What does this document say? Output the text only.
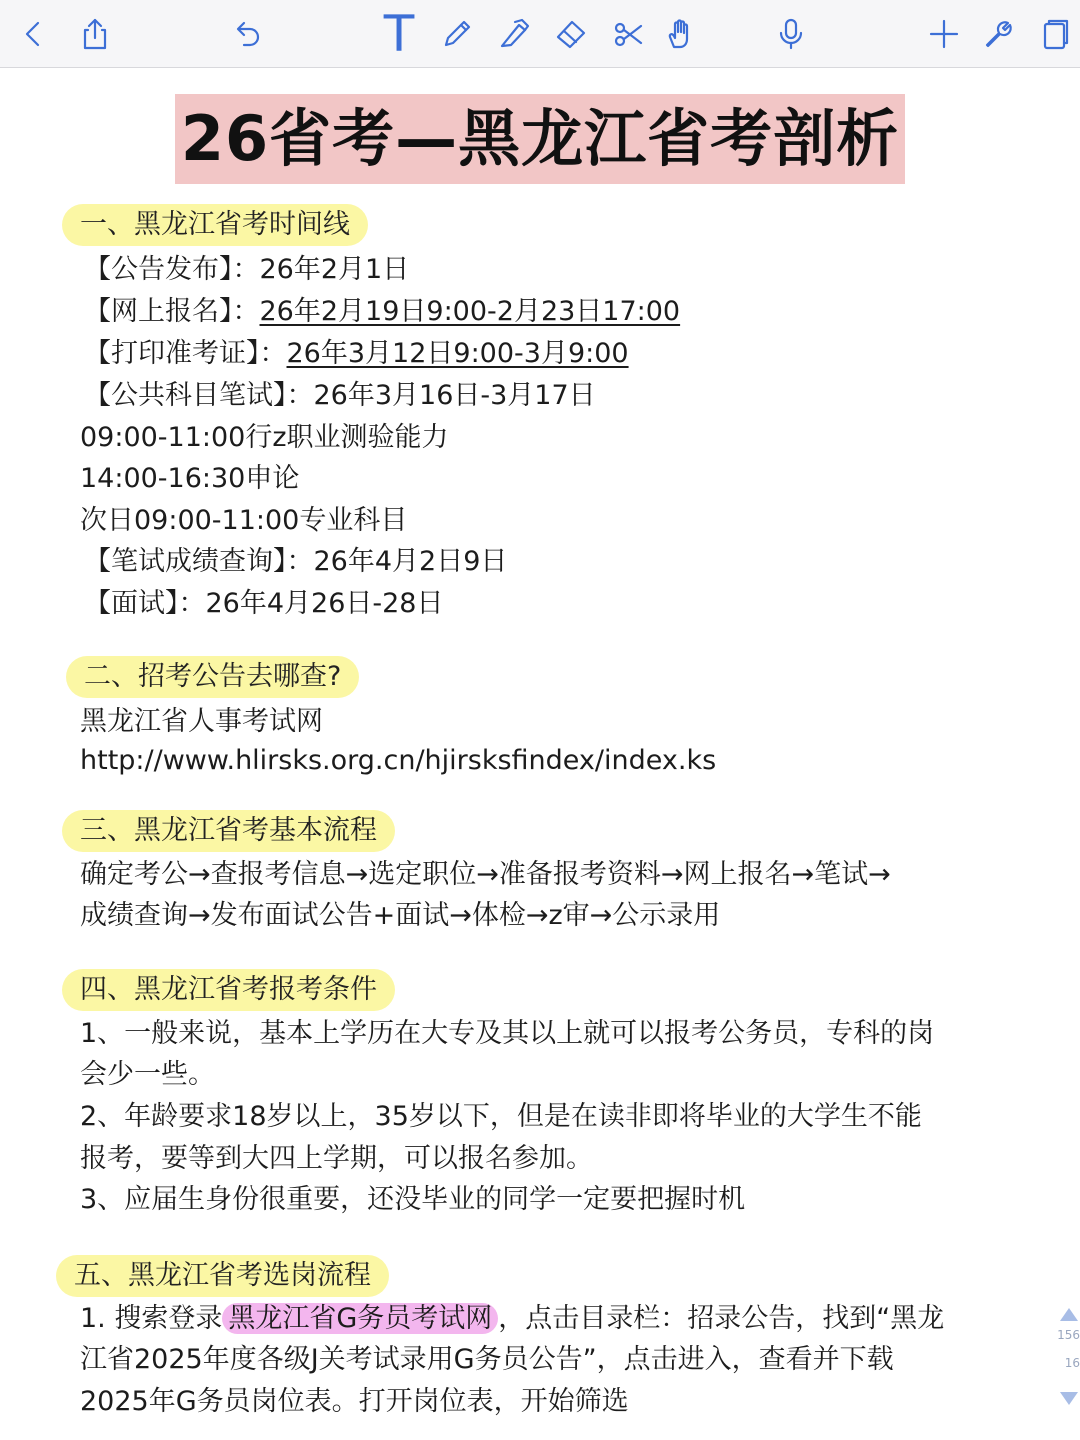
T
26省考—黑龙江省考剖析
一、黑龙江省考时间线
【公告发布】：26年2月1日
【网上报名】：26年2月19日9:00-2月23日17:00
【打印准考证】：26年3月12日9:00-3月9:00
【公共科目笔试】：26年3月16日-3月17日
09:00-11:00行z职业测验能力
14:00-16:30申论
次日09:00-11:00专业科目
【笔试成绩查询】：26年4月2日9日
【面试】：26年4月26日-28日
二、招考公告去哪查?
黑龙江省人事考试网
http://www.hlirsks.org.cn/hjirsksfindex/index.ks
三、黑龙江省考基本流程
确定考公→查报考信息→选定职位→准备报考资料→网上报名→笔试→
成绩查询→发布面试公告+面试→体检→z审→公示录用
四、黑龙江省考报考条件
1、一般来说，基本上学历在大专及其以上就可以报考公务员，专科的岗
会少一些。
2、年龄要求18岁以上，35岁以下，但是在读非即将毕业的大学生不能
报考，要等到大四上学期，可以报名参加。
3、应届生身份很重要，还没毕业的同学一定要把握时机
五、黑龙江省考选岗流程
1. 搜索登录 黑龙江省G务员考试网 ，点击目录栏：招录公告，找到“黑龙
江省2025年度各级J关考试录用G务员公告”，点击进入，查看并下载
2025年G务员岗位表。打开岗位表，开始筛选
156
16
